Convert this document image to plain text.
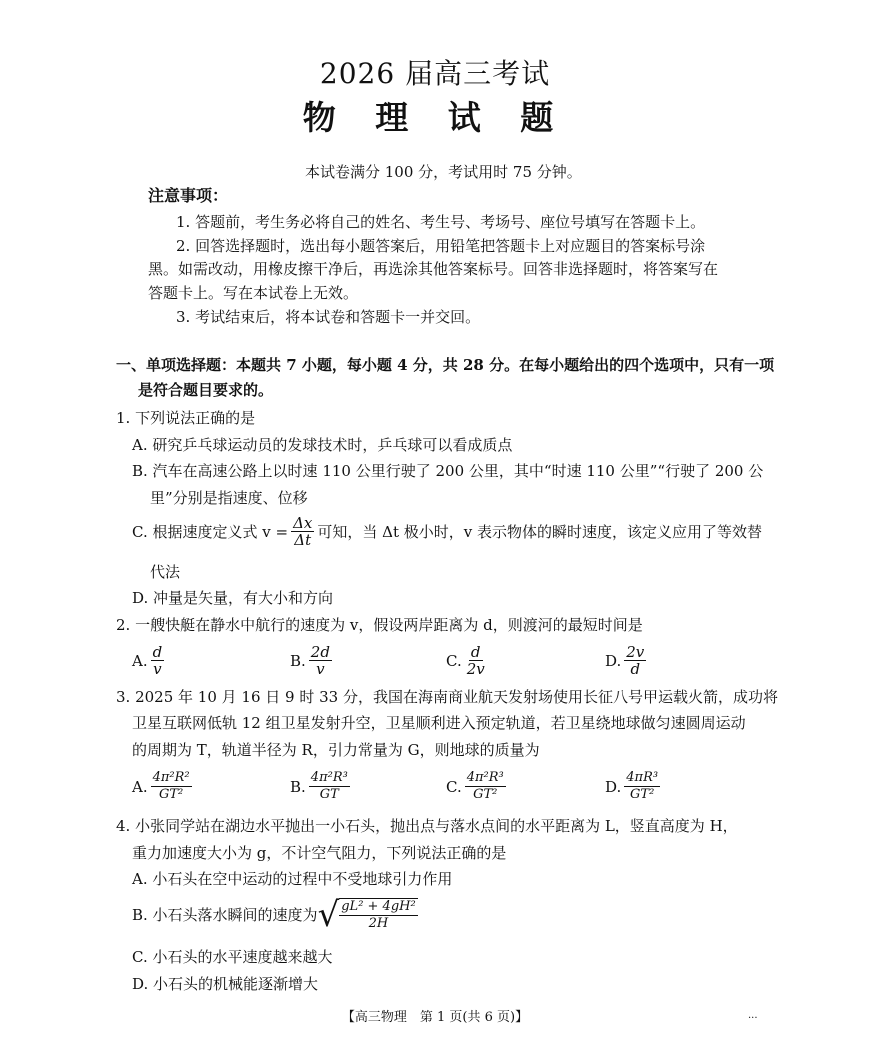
2026 届高三考试
物 理 试 题
本试卷满分 100 分，考试用时 75 分钟。
注意事项：
1. 答题前，考生务必将自己的姓名、考生号、考场号、座位号填写在答题卡上。
2. 回答选择题时，选出每小题答案后，用铅笔把答题卡上对应题目的答案标号涂
黑。如需改动，用橡皮擦干净后，再选涂其他答案标号。回答非选择题时，将答案写在
答题卡上。写在本试卷上无效。
3. 考试结束后，将本试卷和答题卡一并交回。
一、单项选择题：本题共 7 小题，每小题 4 分，共 28 分。在每小题给出的四个选项中，只有一项
是符合题目要求的。
1. 下列说法正确的是
A. 研究乒乓球运动员的发球技术时，乒乓球可以看成质点
B. 汽车在高速公路上以时速 110 公里行驶了 200 公里，其中“时速 110 公里”“行驶了 200 公
里”分别是指速度、位移
C. 根据速度定义式 $v = \frac{\Delta x}{\Delta t}$ 可知，当 Δt 极小时，v 表示物体的瞬时速度，该定义应用了等效替
代法
D. 冲量是矢量，有大小和方向
2. 一艘快艇在静水中航行的速度为 v，假设两岸距离为 d，则渡河的最短时间是
A. $\frac{d}{v}$	B. $\frac{2d}{v}$	C. $\frac{d}{2v}$	D. $\frac{2v}{d}$
3. 2025 年 10 月 16 日 9 时 33 分，我国在海南商业航天发射场使用长征八号甲运载火箭，成功将
卫星互联网低轨 12 组卫星发射升空，卫星顺利进入预定轨道，若卫星绕地球做匀速圆周运动
的周期为 T，轨道半径为 R，引力常量为 G，则地球的质量为
A. $\frac{\text{4π²R²}}{\text{GT²}}$	B. $\frac{\text{4π²R³}}{GT}$	C. $\frac{\text{4π²R³}}{\text{GT²}}$	D. $\frac{\text{4πR³}}{\text{GT²}}$
4. 小张同学站在湖边水平抛出一小石头，抛出点与落水点间的水平距离为 L，竖直高度为 H，
重力加速度大小为 g，不计空气阻力，下列说法正确的是
A. 小石头在空中运动的过程中不受地球引力作用
B. 小石头落水瞬间的速度为 √ $\frac{\text{gL² + 4gH²}}{2H}$
C. 小石头的水平速度越来越大
D. 小石头的机械能逐渐增大
【高三物理　第 1 页(共 6 页)】	...
